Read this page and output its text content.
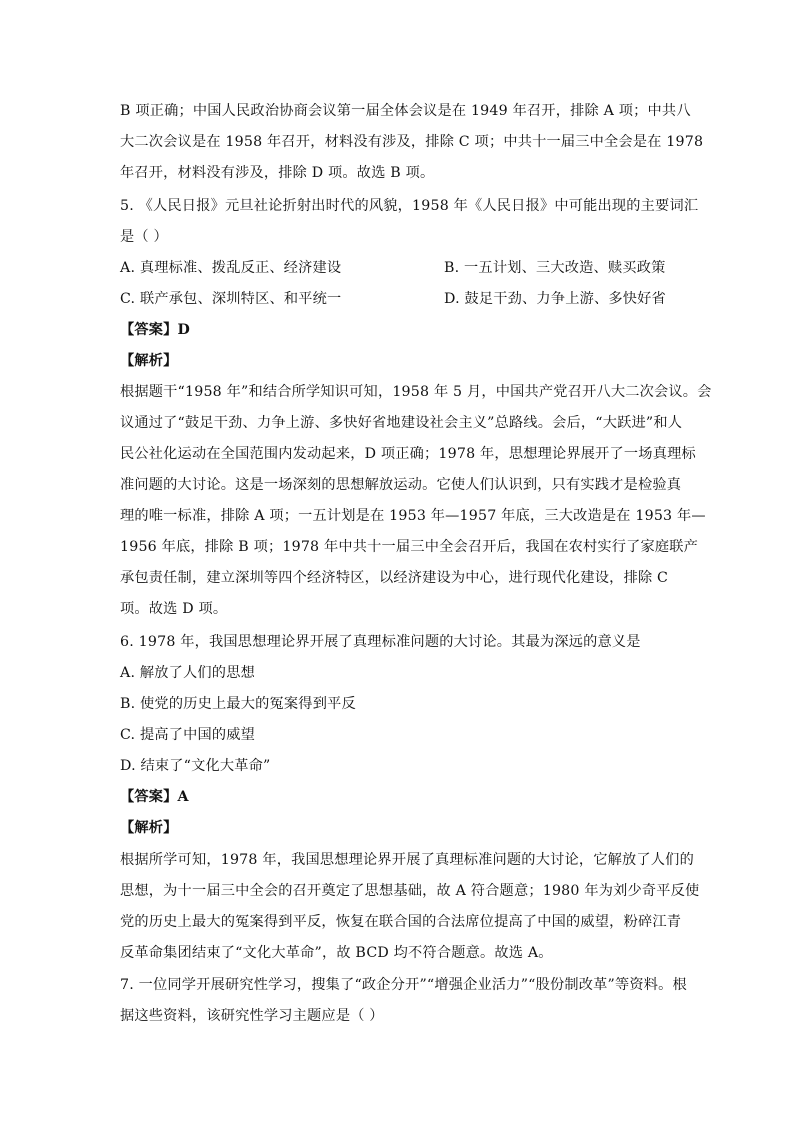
B 项正确；中国人民政治协商会议第一届全体会议是在 1949 年召开，排除 A 项；中共八
大二次会议是在 1958 年召开，材料没有涉及，排除 C 项；中共十一届三中全会是在 1978
年召开，材料没有涉及，排除 D 项。故选 B 项。
5. 《人民日报》元旦社论折射出时代的风貌，1958 年《人民日报》中可能出现的主要词汇
是（ ）
A. 真理标准、拨乱反正、经济建设	B. 一五计划、三大改造、赎买政策
C. 联产承包、深圳特区、和平统一	D. 鼓足干劲、力争上游、多快好省
【答案】D
【解析】
根据题干“1958 年”和结合所学知识可知，1958 年 5 月，中国共产党召开八大二次会议。会
议通过了“鼓足干劲、力争上游、多快好省地建设社会主义”总路线。会后，“大跃进”和人
民公社化运动在全国范围内发动起来，D 项正确；1978 年，思想理论界展开了一场真理标
准问题的大讨论。这是一场深刻的思想解放运动。它使人们认识到，只有实践才是检验真
理的唯一标准，排除 A 项；一五计划是在 1953 年—1957 年底，三大改造是在 1953 年—
1956 年底，排除 B 项；1978 年中共十一届三中全会召开后，我国在农村实行了家庭联产
承包责任制，建立深圳等四个经济特区，以经济建设为中心，进行现代化建设，排除 C
项。故选 D 项。
6. 1978 年，我国思想理论界开展了真理标准问题的大讨论。其最为深远的意义是
A. 解放了人们的思想
B. 使党的历史上最大的冤案得到平反
C. 提高了中国的威望
D. 结束了“文化大革命”
【答案】A
【解析】
根据所学可知，1978 年，我国思想理论界开展了真理标准问题的大讨论，它解放了人们的
思想，为十一届三中全会的召开奠定了思想基础，故 A 符合题意；1980 年为刘少奇平反使
党的历史上最大的冤案得到平反，恢复在联合国的合法席位提高了中国的威望，粉碎江青
反革命集团结束了“文化大革命”，故 BCD 均不符合题意。故选 A。
7. 一位同学开展研究性学习，搜集了“政企分开”“增强企业活力”“股份制改革”等资料。根
据这些资料，该研究性学习主题应是（ ）
